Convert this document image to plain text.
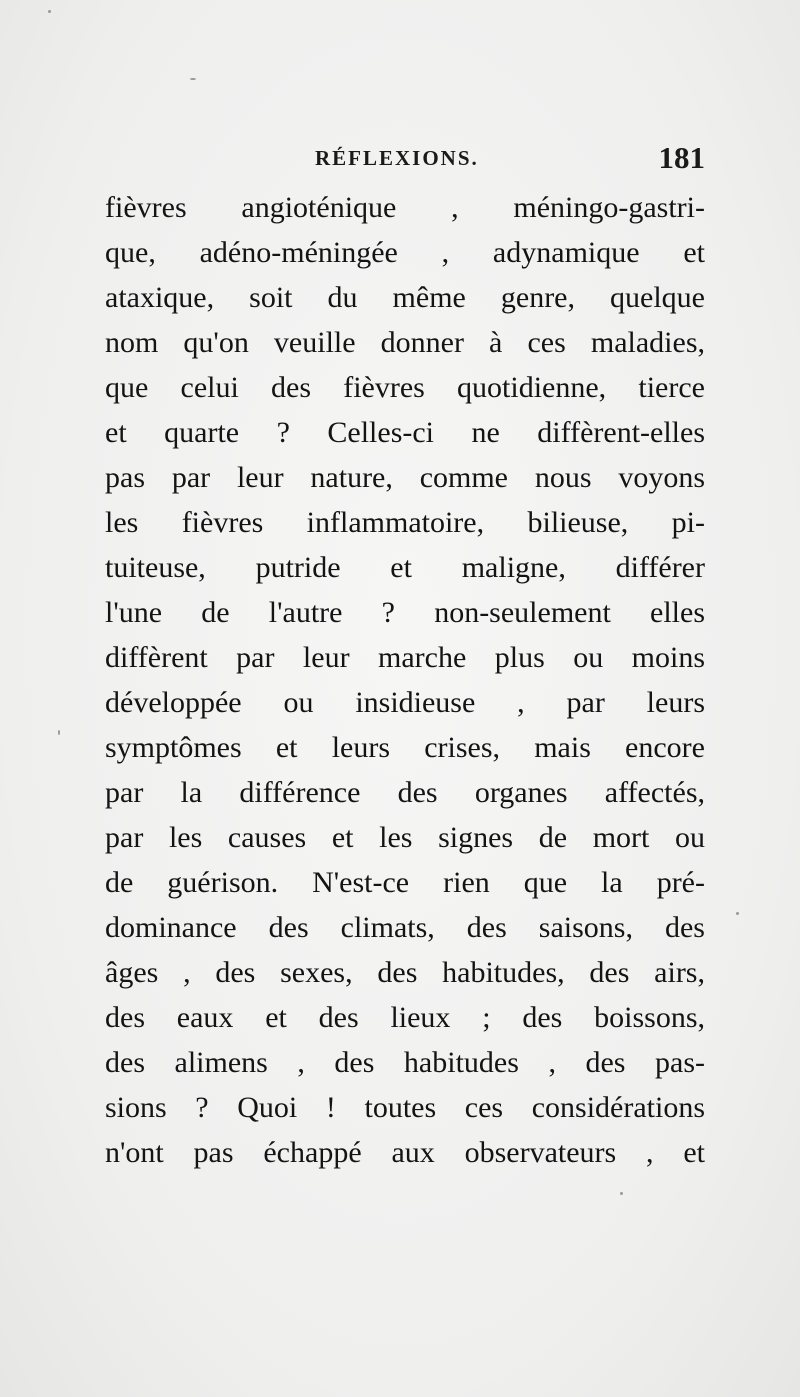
RÉFLEXIONS.	181
fièvres angioténique , méningo-gastri-
que, adéno-méningée , adynamique et
ataxique, soit du même genre, quelque
nom qu'on veuille donner à ces maladies,
que celui des fièvres quotidienne, tierce
et quarte ? Celles-ci ne diffèrent-elles
pas par leur nature, comme nous voyons
les fièvres inflammatoire, bilieuse, pi-
tuiteuse, putride et maligne, différer
l'une de l'autre ? non-seulement elles
diffèrent par leur marche plus ou moins
développée ou insidieuse , par leurs
symptômes et leurs crises, mais encore
par la différence des organes affectés,
par les causes et les signes de mort ou
de guérison. N'est-ce rien que la pré-
dominance des climats, des saisons, des
âges , des sexes, des habitudes, des airs,
des eaux et des lieux ; des boissons,
des alimens , des habitudes , des pas-
sions ? Quoi ! toutes ces considérations
n'ont pas échappé aux observateurs , et
